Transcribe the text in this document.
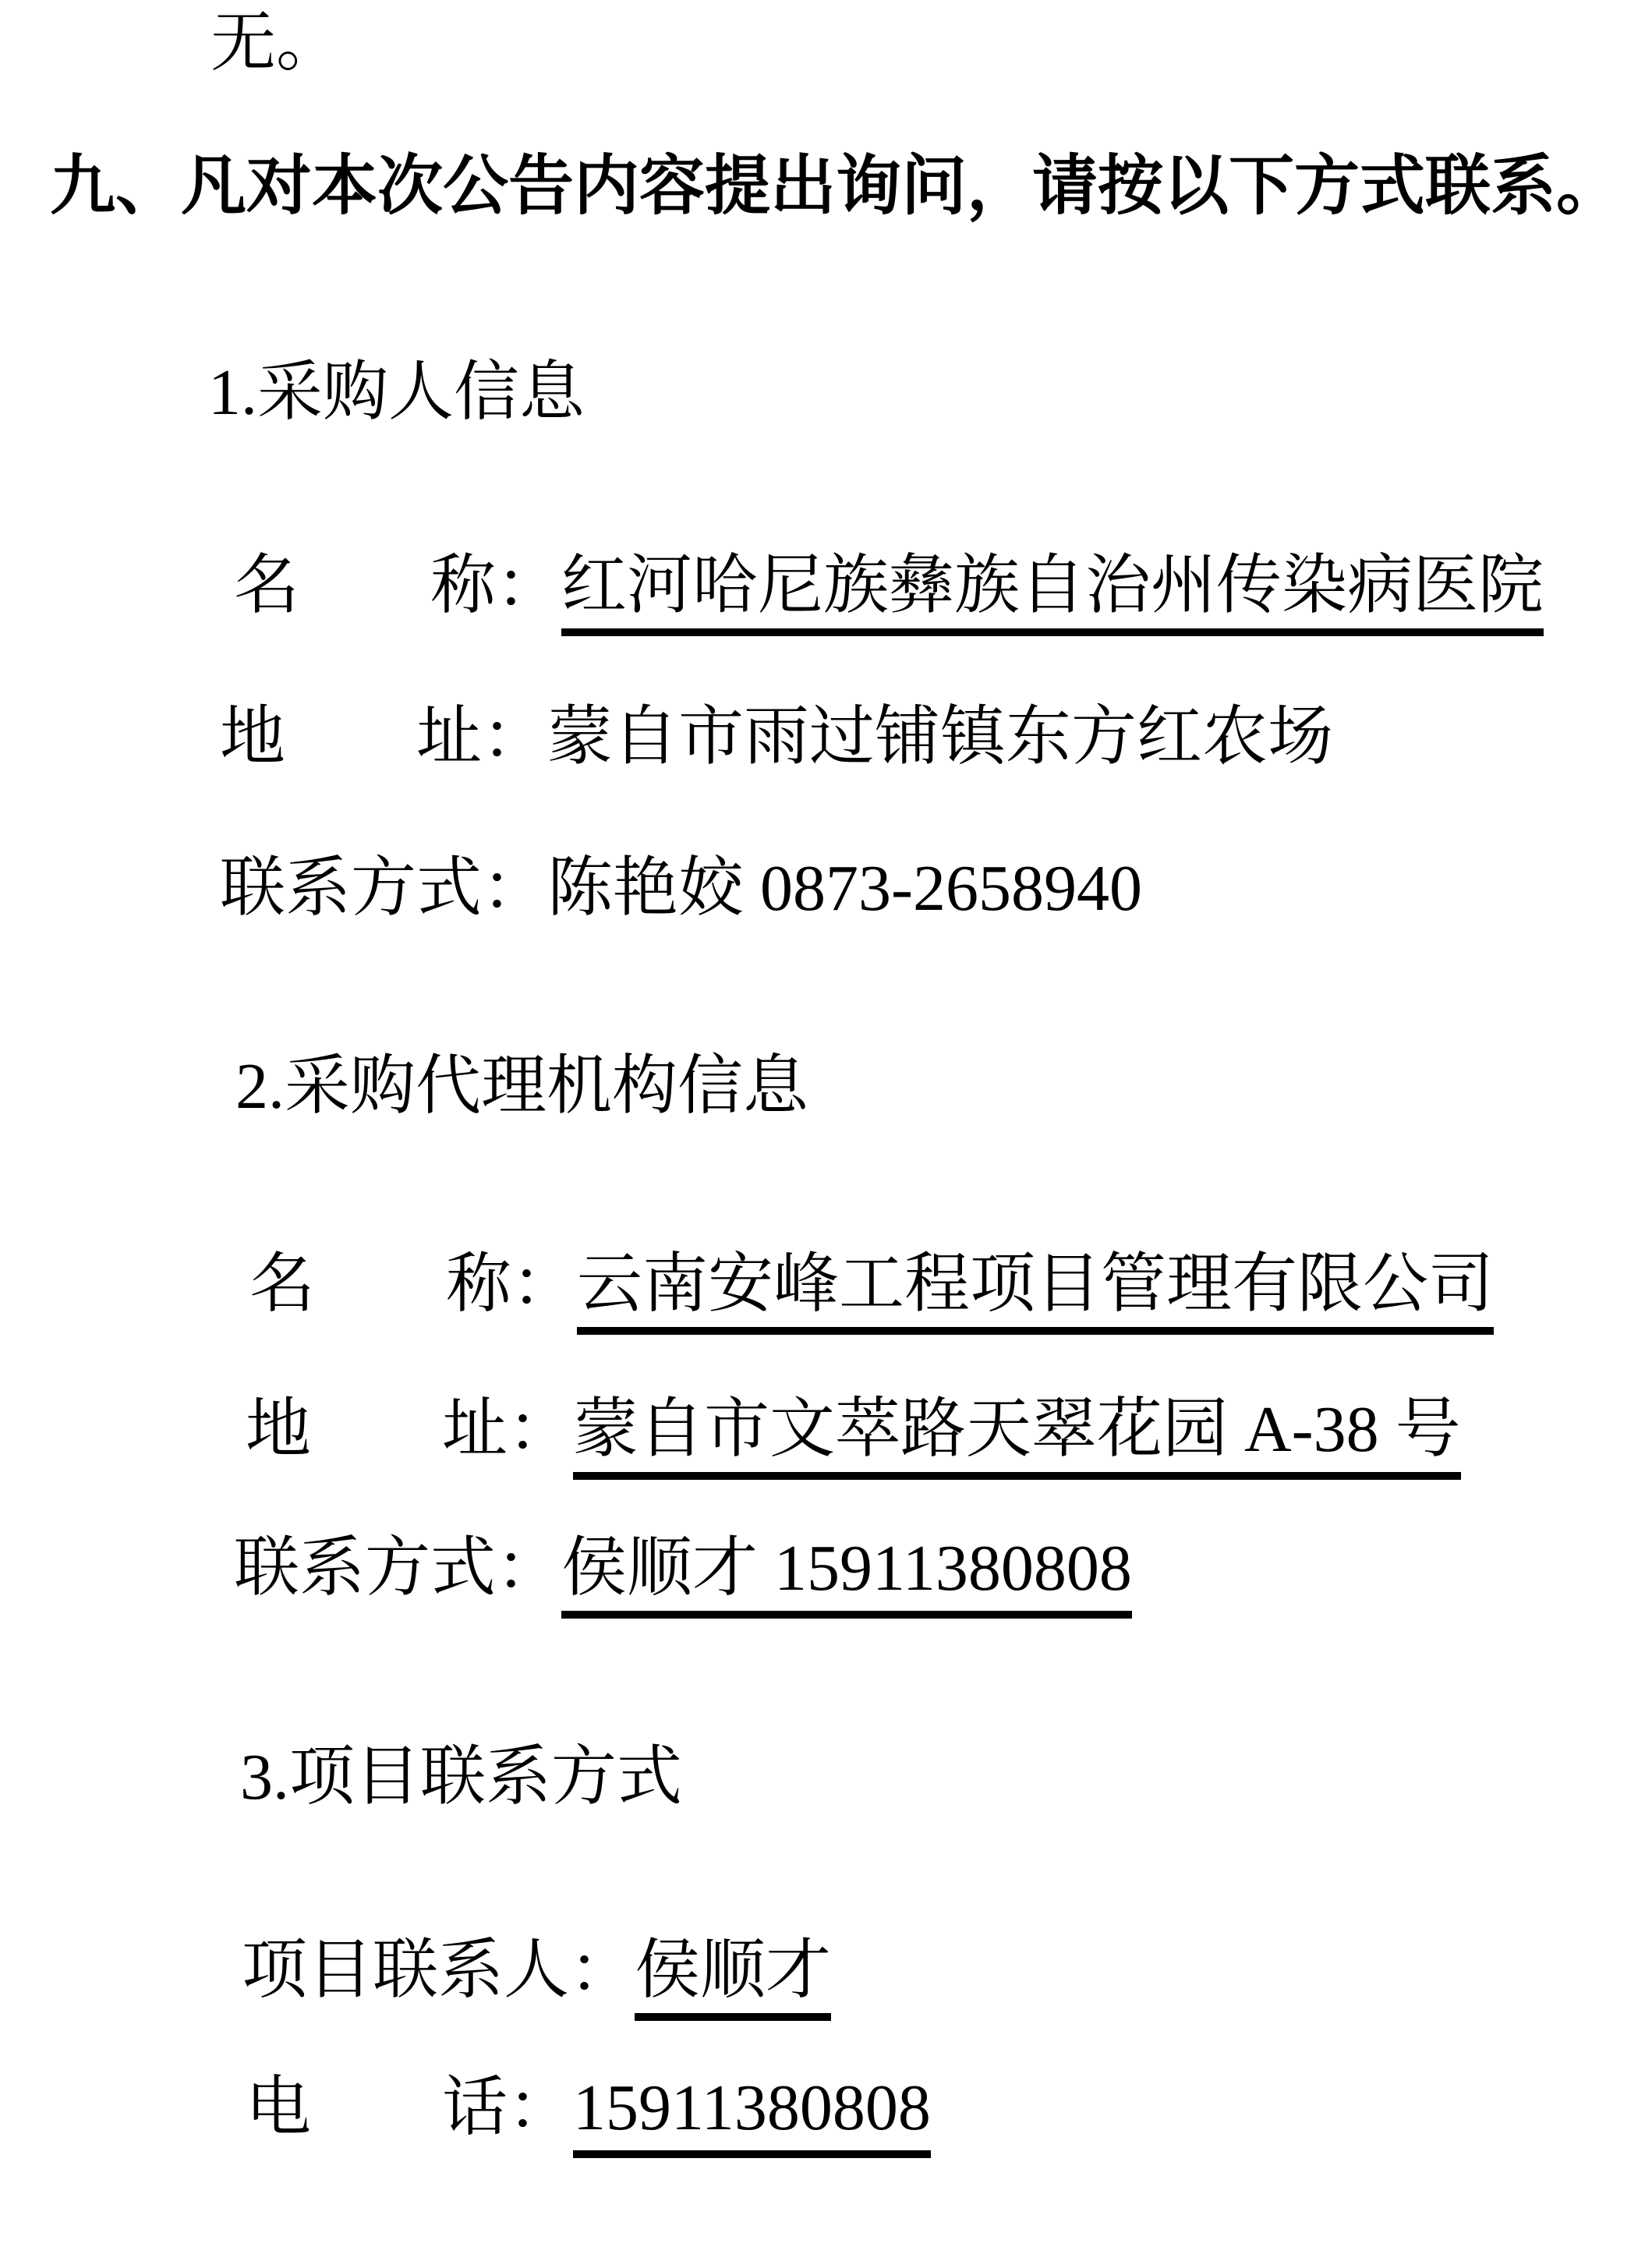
无。
九、凡对本次公告内容提出询问，请按以下方式联系。
1.采购人信息
名　　称：红河哈尼族彝族自治州传染病医院
地　　址：蒙自市雨过铺镇东方红农场
联系方式：陈艳姣 0873-2658940
2.采购代理机构信息
名　　称：云南安峰工程项目管理有限公司
地　　址：蒙自市文萃路天翠花园 A-38 号
联系方式：侯顺才 15911380808
3.项目联系方式
项目联系人：侯顺才
电　　话：15911380808
